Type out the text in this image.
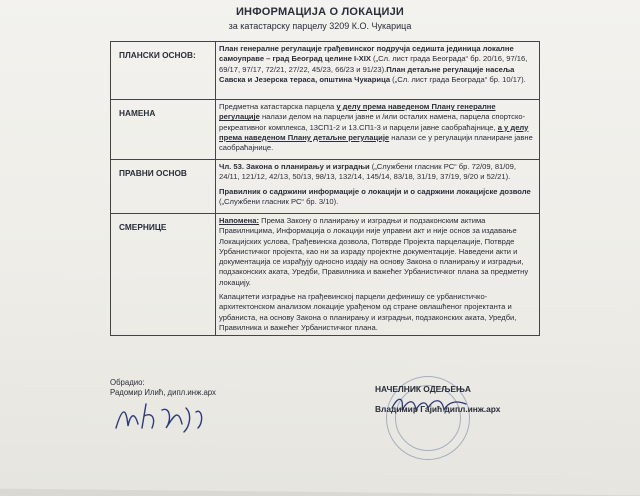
ИНФОРМАЦИЈА О ЛОКАЦИЈИ
за катастарску парцелу 3209 К.О. Чукарица
ПЛАНСКИ ОСНОВ:	План генералне регулације грађевинског подручја седишта јединица локалне самоуправе – град Београд целине I-XIX („Сл. лист града Београда“ бр. 20/16, 97/16, 69/17, 97/17, 72/21, 27/22, 45/23, 66/23 и 91/23).План детаљне регулације насеља Савска и Језерска тераса, општина Чукарица („Сл. лист града Београда“ бр. 10/17).
НАМЕНА	Предметна катастарска парцела у делу према наведеном Плану генералне регулације налази делом на парцели јавне и /или осталих намена, парцела спортско-рекреативног комплекса, 13СП1-2 и 13.СП1-3 и парцели јавне саобраћајнице, а у делу према наведеном Плану детаљне регулације налази се у регулацији планиране јавне саобраћајнице.
ПРАВНИ ОСНОВ	Чл. 53. Закона о планирању и изградњи („Службени гласник РС“ бр. 72/09, 81/09, 24/11, 121/12, 42/13, 50/13, 98/13, 132/14, 145/14, 83/18, 31/19, 37/19, 9/20 и 52/21).
Правилник о садржини информације о локацији и о садржини локацијске дозволе („Службени гласник РС“ бр. 3/10).
СМЕРНИЦЕ	Напомена: Према Закону о планирању и изградњи и подзаконским актима Правилницима, Информација о локацији није управни акт и није основ за издавање Локацијских услова, Грађевинска дозвола, Потврде Пројекта парцелације, Потврде Урбанистичког пројекта, као ни за израду пројектне документације. Наведени акти и документација се израђују односно издају на основу Закона о планирању и изградњи, подзаконских аката, Уредби, Правилника и важећег Урбанистичког плана за предметну локацију.
Капацитети изградње на грађевинској парцели дефинишу се урбанистичко-архитектонском анализом локације урађеном од стране овлашћеног пројектанта и урбаниста, на основу Закона о планирању и изградњи, подзаконских аката, Уредби, Правилника и важећег Урбанистичког плана.
Обрадио:
Радомир Илић, дипл.инж.арх	НАЧЕЛНИК ОДЕЉЕЊА
Владимир Гајић дипл.инж.арх
